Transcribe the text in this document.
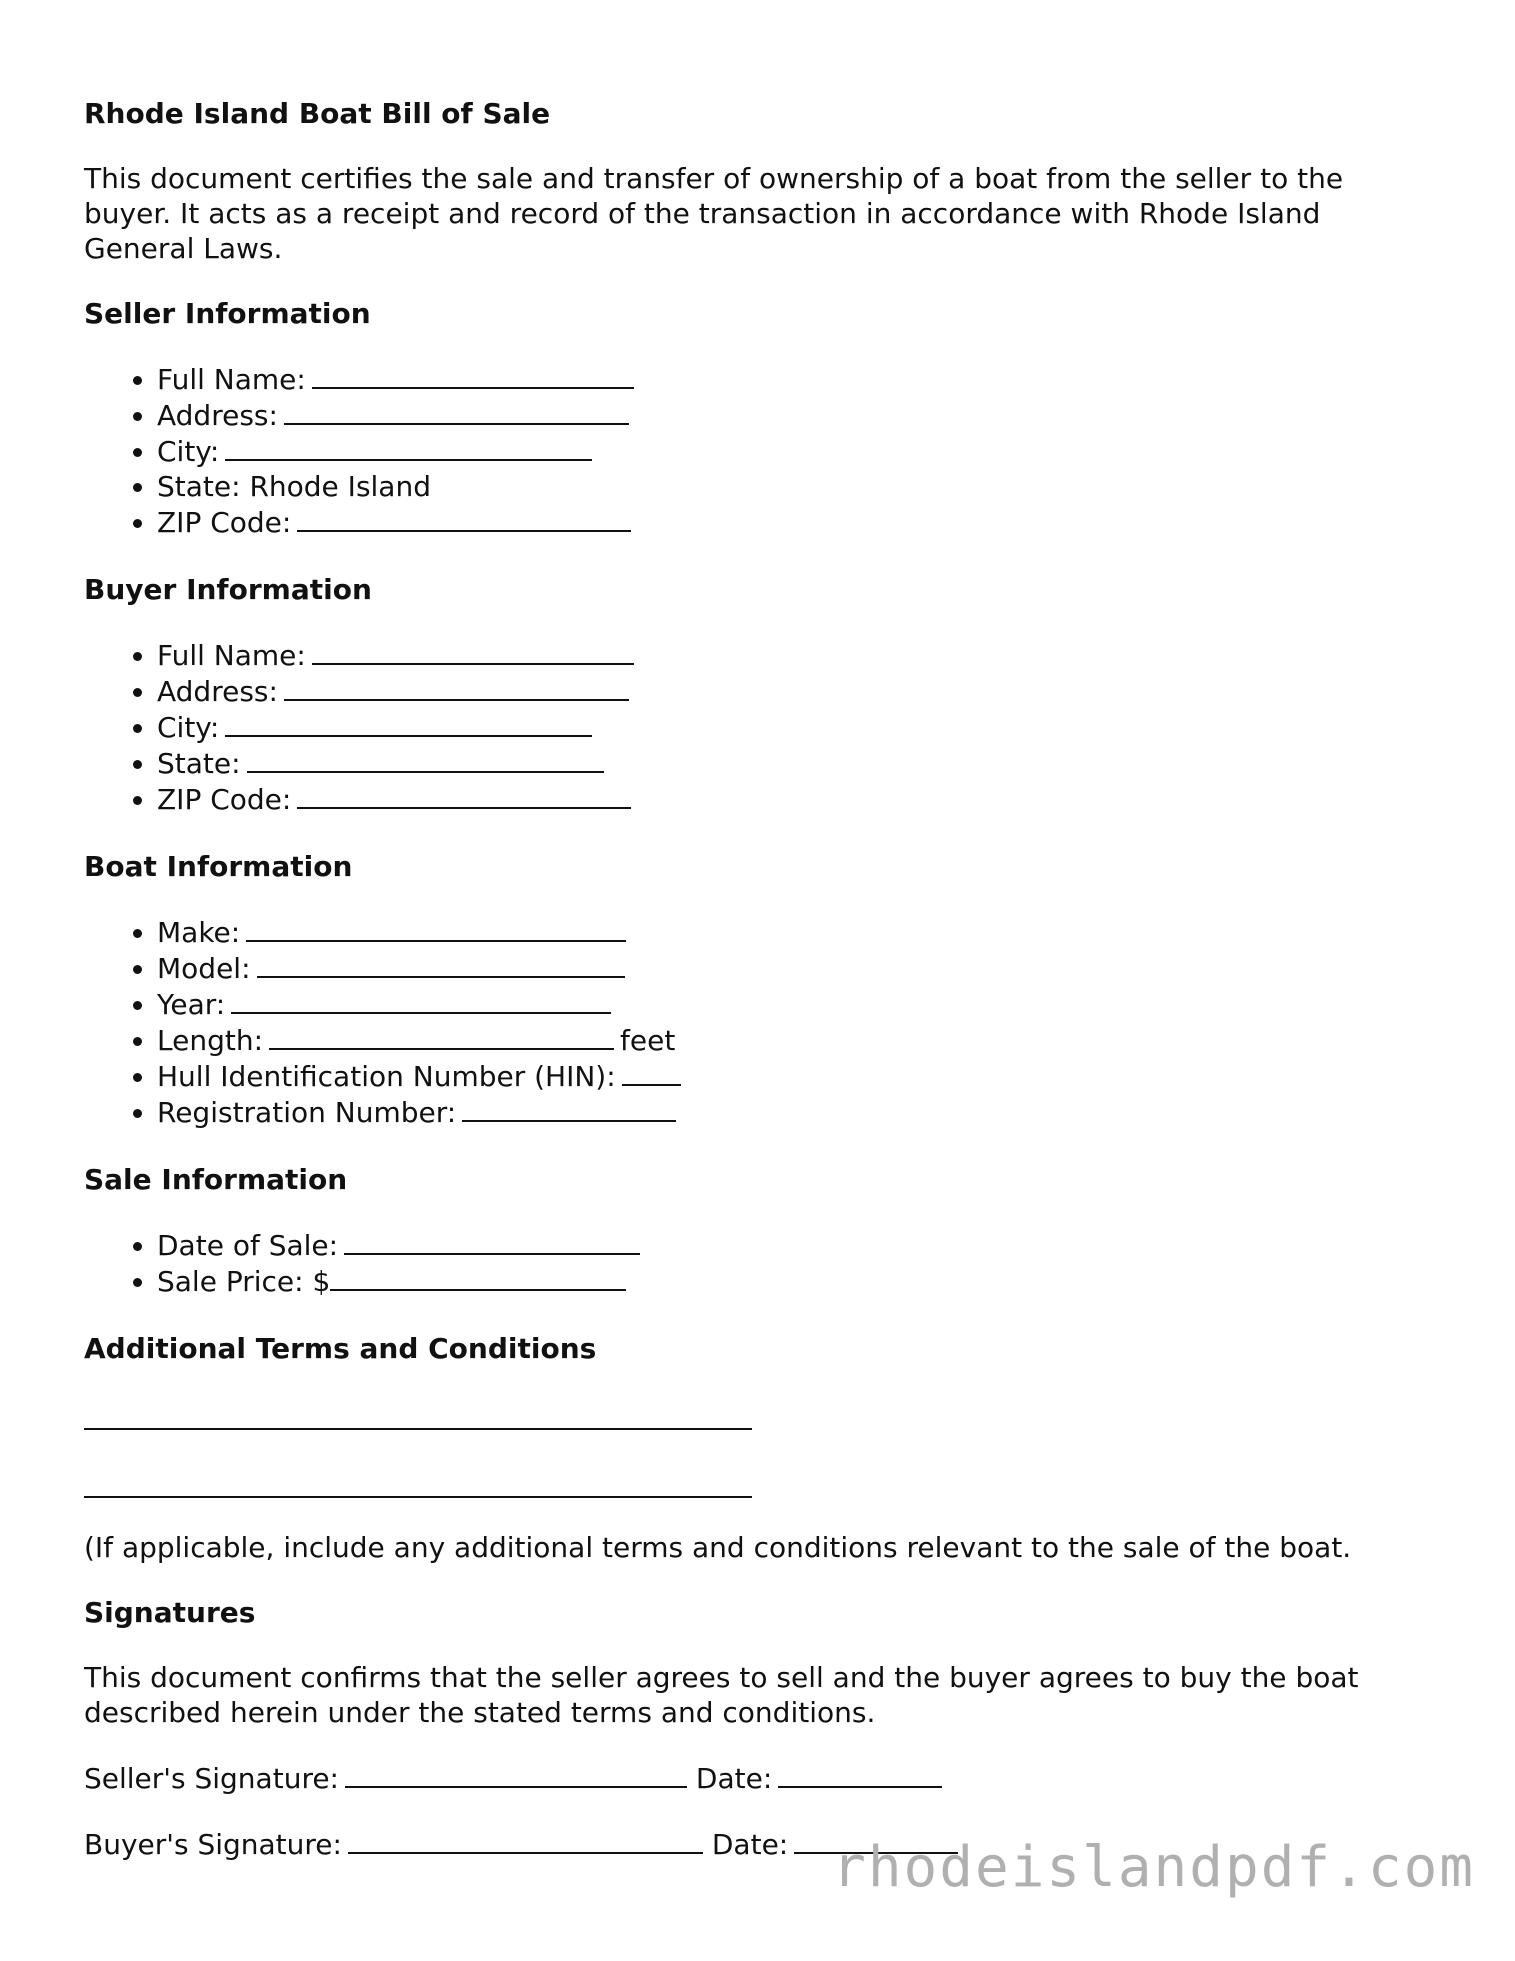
Rhode Island Boat Bill of Sale
This document certifies the sale and transfer of ownership of a boat from the seller to the buyer. It acts as a receipt and record of the transaction in accordance with Rhode Island General Laws.
Seller Information
• Full Name:
• Address:
• City:
• State: Rhode Island
• ZIP Code:
Buyer Information
• Full Name:
• Address:
• City:
• State:
• ZIP Code:
Boat Information
• Make:
• Model:
• Year:
• Length:	feet
• Hull Identification Number (HIN):
• Registration Number:
Sale Information
• Date of Sale:
• Sale Price: $
Additional Terms and Conditions
(If applicable, include any additional terms and conditions relevant to the sale of the boat.
Signatures
This document confirms that the seller agrees to sell and the buyer agrees to buy the boat described herein under the stated terms and conditions.
Seller's Signature:	Date:
Buyer's Signature:	Date: rhodeislandpdf.com
